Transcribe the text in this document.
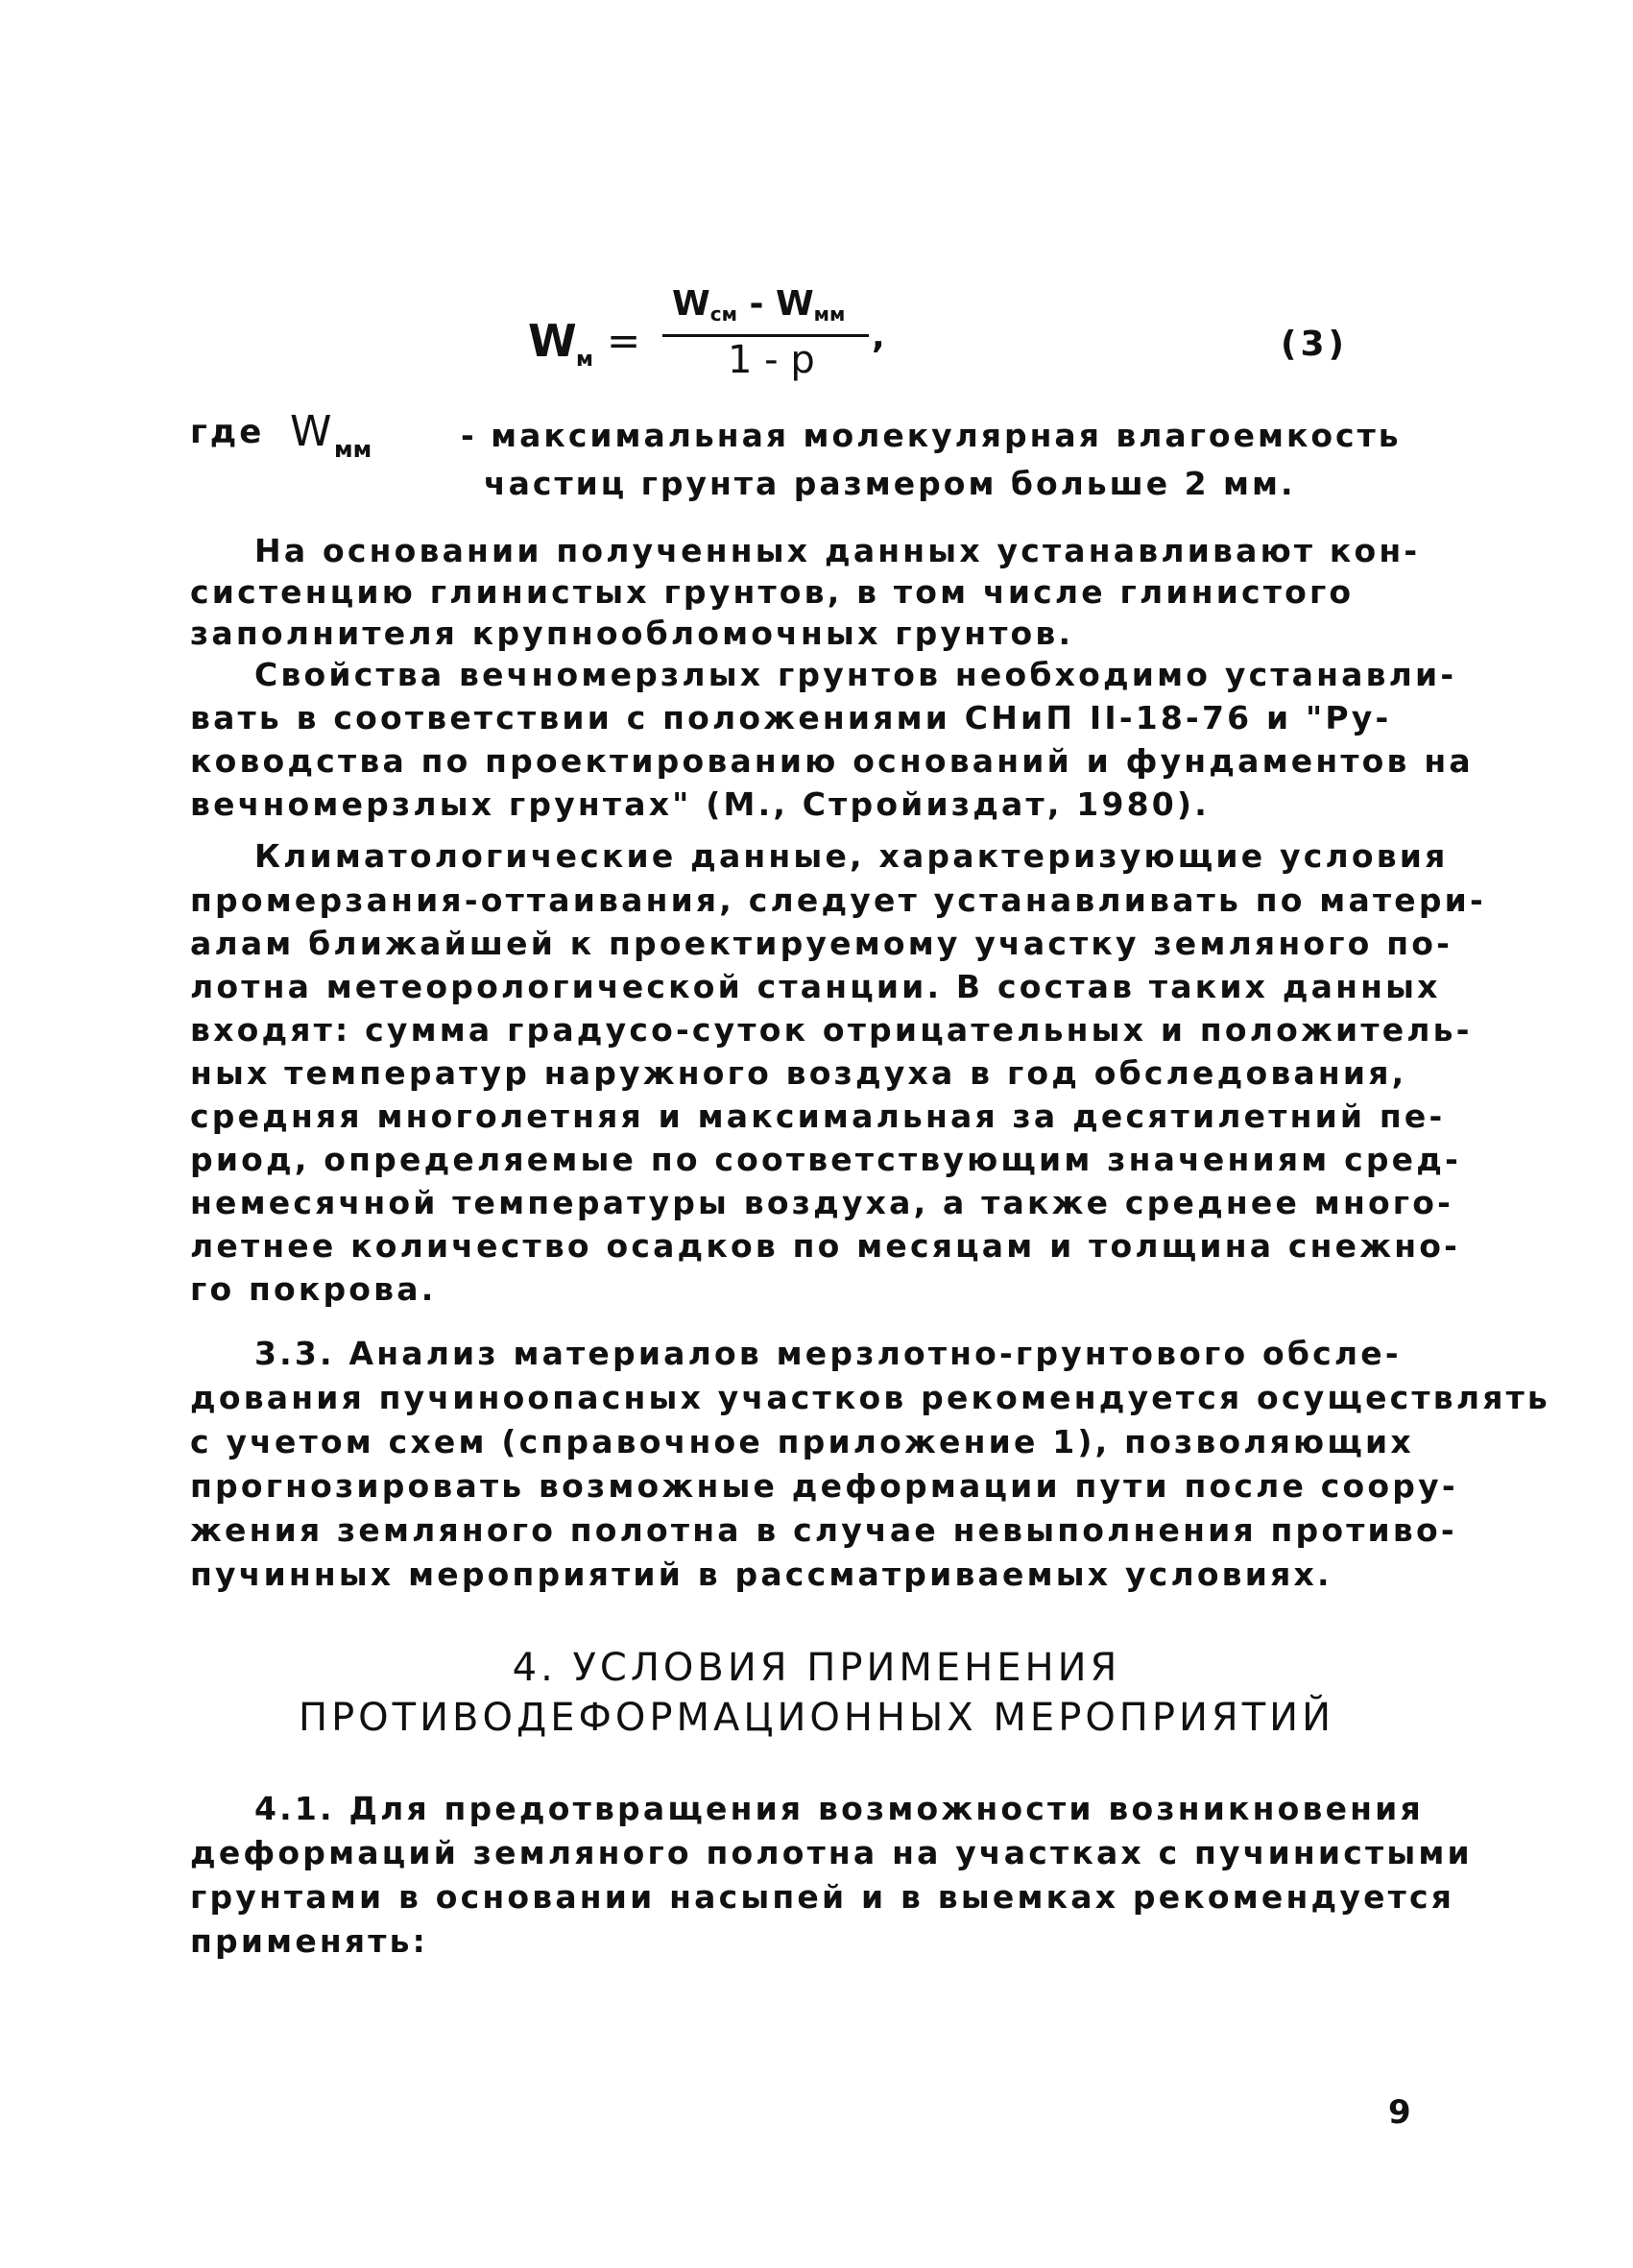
W м =
$W_{см} - W_{мм}$
1 - p
,	(3)
где W мм	- максимальная молекулярная влагоемкость
частиц грунта размером больше 2 мм.
На основании полученных данных устанавливают кон-
систенцию глинистых грунтов, в том числе глинистого
заполнителя крупнообломочных грунтов.
Свойства вечномерзлых грунтов необходимо устанавли-
вать в соответствии с положениями СНиП II-18-76 и "Ру-
ководства по проектированию оснований и фундаментов на
вечномерзлых грунтах" (М., Стройиздат, 1980).
Климатологические данные, характеризующие условия
промерзания-оттаивания, следует устанавливать по матери-
алам ближайшей к проектируемому участку земляного по-
лотна метеорологической станции. В состав таких данных
входят: сумма градусо-суток отрицательных и положитель-
ных температур наружного воздуха в год обследования,
средняя многолетняя и максимальная за десятилетний пе-
риод, определяемые по соответствующим значениям сред-
немесячной температуры воздуха, а также среднее много-
летнее количество осадков по месяцам и толщина снежно-
го покрова.
3.3. Анализ материалов мерзлотно-грунтового обсле-
дования пучиноопасных участков рекомендуется осуществлять
с учетом схем (справочное приложение 1), позволяющих
прогнозировать возможные деформации пути после соору-
жения земляного полотна в случае невыполнения противо-
пучинных мероприятий в рассматриваемых условиях.
4. УСЛОВИЯ ПРИМЕНЕНИЯ
ПРОТИВОДЕФОРМАЦИОННЫХ МЕРОПРИЯТИЙ
4.1. Для предотвращения возможности возникновения
деформаций земляного полотна на участках с пучинистыми
грунтами в основании насыпей и в выемках рекомендуется
применять:
9
